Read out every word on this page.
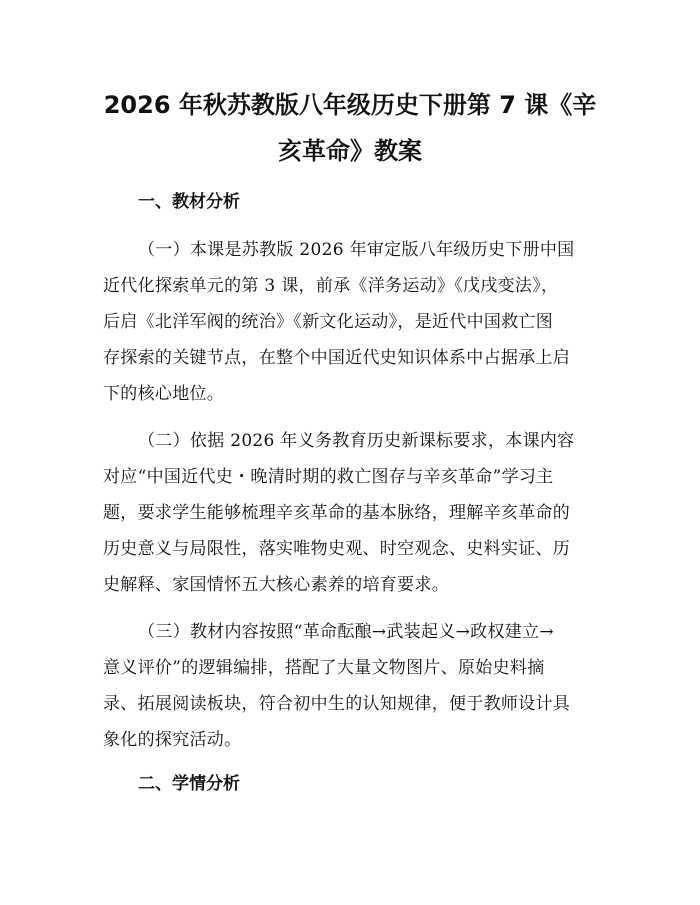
2026 年秋苏教版八年级历史下册第 7 课《辛
亥革命》教案
一、教材分析

（一）本课是苏教版 2026 年审定版八年级历史下册中国
近代化探索单元的第 3 课，前承《洋务运动》《戊戌变法》，
后启《北洋军阀的统治》《新文化运动》，是近代中国救亡图
存探索的关键节点，在整个中国近代史知识体系中占据承上启
下的核心地位。

（二）依据 2026 年义务教育历史新课标要求，本课内容
对应“中国近代史・晚清时期的救亡图存与辛亥革命”学习主
题，要求学生能够梳理辛亥革命的基本脉络，理解辛亥革命的
历史意义与局限性，落实唯物史观、时空观念、史料实证、历
史解释、家国情怀五大核心素养的培育要求。

（三）教材内容按照“革命酝酿→武装起义→政权建立→
意义评价”的逻辑编排，搭配了大量文物图片、原始史料摘
录、拓展阅读板块，符合初中生的认知规律，便于教师设计具
象化的探究活动。

二、学情分析
